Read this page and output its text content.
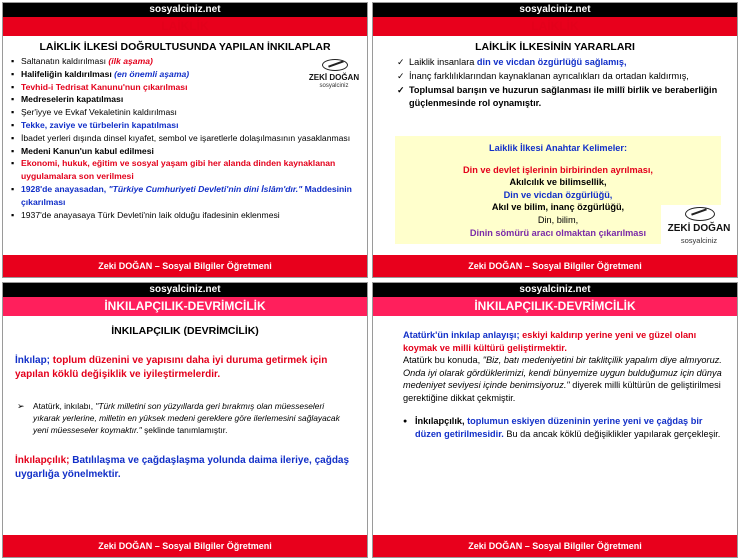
sosyalciniz.net
LAİKLİK
LAİKLİK İLKESİ DOĞRULTUSUNDA YAPILAN İNKILAPLAR
▪ Saltanatın kaldırılması (ilk aşama)
▪ Halifeliğin kaldırılması (en önemli aşama)
▪ Tevhid-i Tedrisat Kanunu'nun çıkarılması
▪ Medreselerin kapatılması
▪ Şer'iyye ve Evkaf Vekaletinin kaldırılması
▪ Tekke, zaviye ve türbelerin kapatılması
▪ İbadet yerleri dışında dinsel kıyafet, sembol ve işaretlerle dolaşılmasının yasaklanması
▪ Medeni Kanun'un kabul edilmesi
▪ Ekonomi, hukuk, eğitim ve sosyal yaşam gibi her alanda dinden kaynaklanan uygulamalara son verilmesi
▪ 1928'de anayasadan, "Türkiye Cumhuriyeti Devleti'nin dini İslâm'dır." Maddesinin çıkarılması
▪ 1937'de anayasaya Türk Devleti'nin laik olduğu ifadesinin eklenmesi
ZEKİ DOĞAN
sosyalciniz
Zeki DOĞAN – Sosyal Bilgiler Öğretmeni
sosyalciniz.net
LAİKLİK
LAİKLİK İLKESİNİN YARARLARI
✓ Laiklik insanlara din ve vicdan özgürlüğü sağlamış,
✓ İnanç farklılıklarından kaynaklanan ayrıcalıkları da ortadan kaldırmış,
✓ Toplumsal barışın ve huzurun sağlanması ile millî birlik ve beraberliğin güçlenmesinde rol oynamıştır.
Laiklik İlkesi Anahtar Kelimeler:
Din ve devlet işlerinin birbirinden ayrılması,
Akılcılık ve bilimsellik,
Din ve vicdan özgürlüğü,
Akıl ve bilim, inanç özgürlüğü,
Din, bilim,
Dinin sömürü aracı olmaktan çıkarılması	ZEKİ DOĞAN
sosyalciniz
Zeki DOĞAN – Sosyal Bilgiler Öğretmeni
sosyalciniz.net
İNKILAPÇILIK-DEVRİMCİLİK
İNKILAPÇILIK (DEVRİMCİLİK)

İnkılap; toplum düzenini ve yapısını daha iyi duruma getirmek için yapılan köklü değişiklik ve iyileştirmelerdir.

➢ Atatürk, inkılabı, "Türk milletini son yüzyıllarda geri bırakmış olan müesseseleri yıkarak yerlerine, milletin en yüksek medeni gereklere göre ilerlemesini sağlayacak yeni müesseseler koymaktır." şeklinde tanımlamıştır.

İnkılapçılık; Batılılaşma ve çağdaşlaşma yolunda daima ileriye, çağdaş uygarlığa yönelmektir.

Zeki DOĞAN – Sosyal Bilgiler Öğretmeni
sosyalciniz.net
İNKILAPÇILIK-DEVRİMCİLİK

Atatürk'ün inkılap anlayışı; eskiyi kaldırıp yerine yeni ve güzel olanı koymak ve milli kültürü geliştirmektir.

Atatürk bu konuda, "Biz, batı medeniyetini bir taklitçilik yapalım diye almıyoruz. Onda iyi olarak gördüklerimizi, kendi bünyemize uygun bulduğumuz için dünya medeniyet seviyesi içinde benimsiyoruz." diyerek milli kültürün de geliştirilmesi gerektiğine dikkat çekmiştir.

● İnkılapçılık, toplumun eskiyen düzeninin yerine yeni ve çağdaş bir düzen getirilmesidir. Bu da ancak köklü değişiklikler yapılarak gerçekleşir.

Zeki DOĞAN – Sosyal Bilgiler Öğretmeni
